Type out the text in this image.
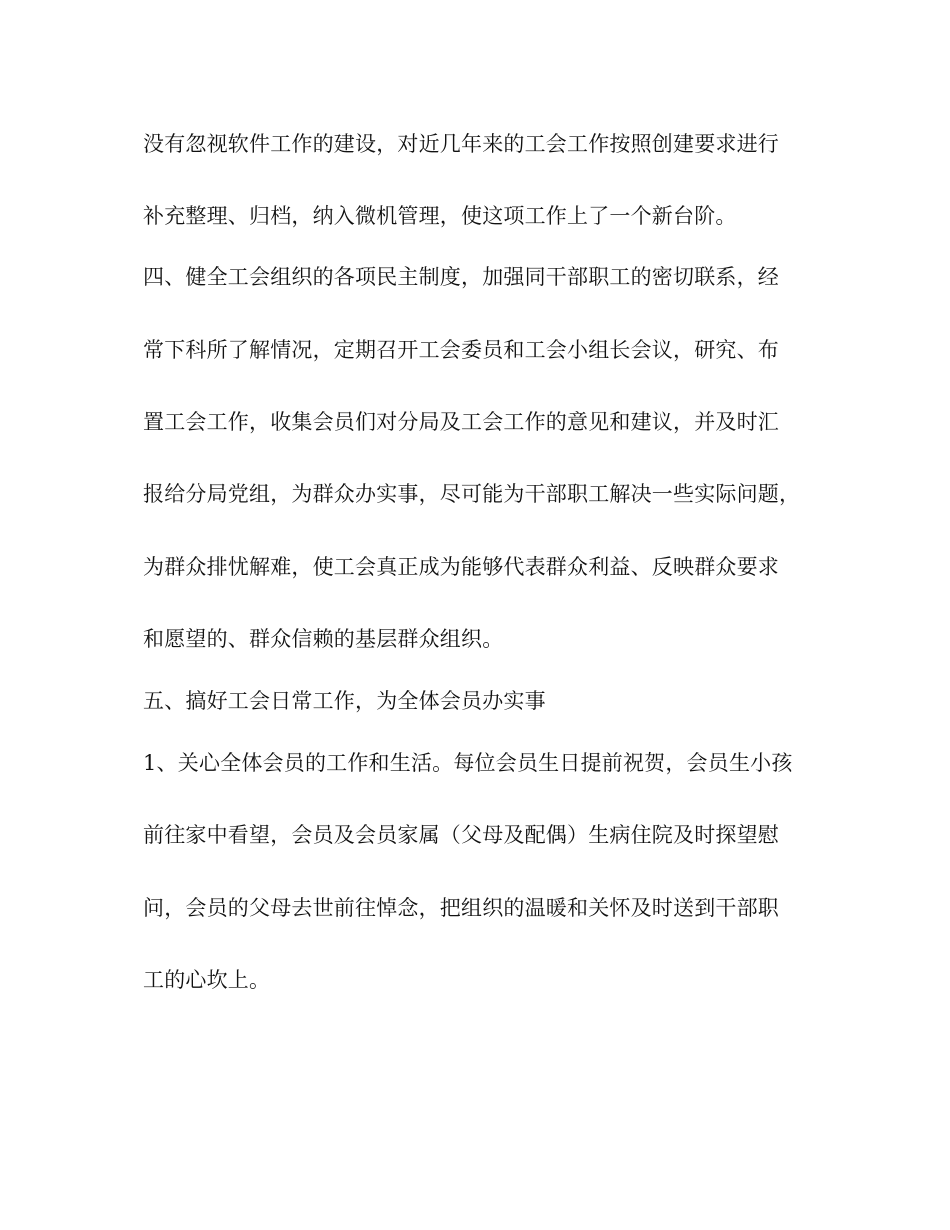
没有忽视软件工作的建设，对近几年来的工会工作按照创建要求进行
补充整理、归档，纳入微机管理，使这项工作上了一个新台阶。
四、健全工会组织的各项民主制度，加强同干部职工的密切联系，经
常下科所了解情况，定期召开工会委员和工会小组长会议，研究、布
置工会工作，收集会员们对分局及工会工作的意见和建议，并及时汇
报给分局党组，为群众办实事，尽可能为干部职工解决一些实际问题，
为群众排忧解难，使工会真正成为能够代表群众利益、反映群众要求
和愿望的、群众信赖的基层群众组织。
五、搞好工会日常工作，为全体会员办实事
1、关心全体会员的工作和生活。每位会员生日提前祝贺，会员生小孩
前往家中看望，会员及会员家属（父母及配偶）生病住院及时探望慰
问，会员的父母去世前往悼念，把组织的温暖和关怀及时送到干部职
工的心坎上。
